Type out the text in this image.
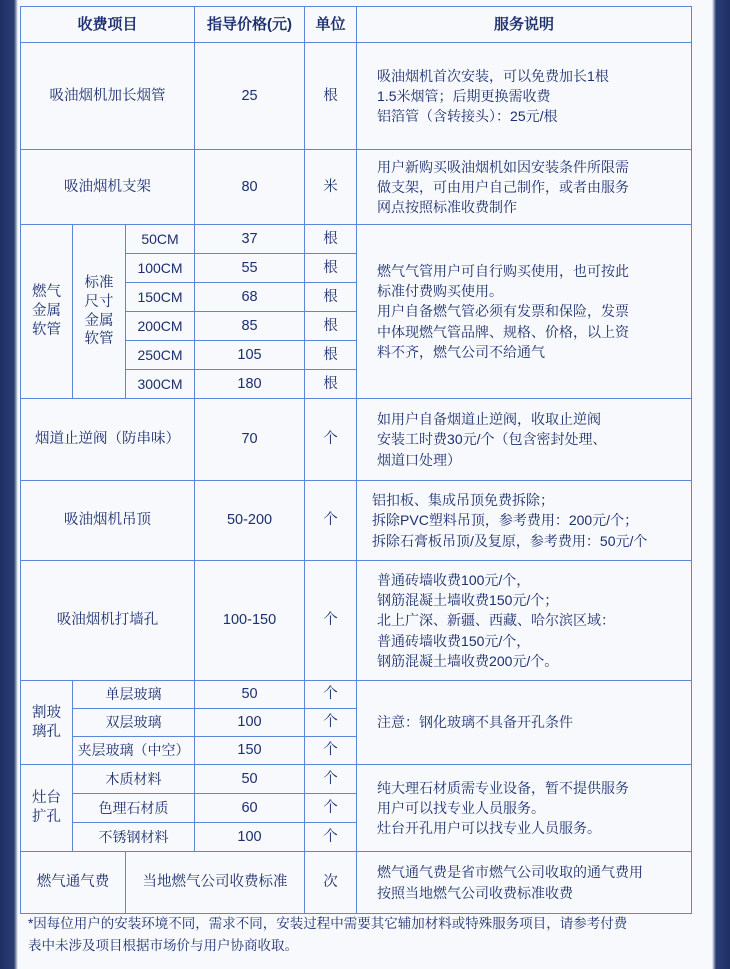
收费项目			指导价格(元)	单位	服务说明
吸油烟机加长烟管			25	根	吸油烟机首次安装，可以免费加长1根
1.5米烟管；后期更换需收费
铝箔管（含转接头）：25元/根

吸油烟机支架			80	米	用户新购买吸油烟机如因安装条件所限需
做支架，可由用户自己制作，或者由服务
网点按照标准收费制作

燃气金属软管	标准尺寸金属软管	50CM	37	根	燃气气管用户可自行购买使用，也可按此
标准付费购买使用。
用户自备燃气管必须有发票和保险，发票
中体现燃气管品牌、规格、价格，以上资
料不齐，燃气公司不给通气

		100CM	55	根	
		150CM	68	根	
		200CM	85	根	
		250CM	105	根	
		300CM	180	根	
烟道止逆阀（防串味）			70	个	如用户自备烟道止逆阀，收取止逆阀
安装工时费30元/个（包含密封处理、
烟道口处理）

吸油烟机吊顶			50-200	个	铝扣板、集成吊顶免费拆除；
拆除PVC塑料吊顶，参考费用：200元/个；
拆除石膏板吊顶/及复原，参考费用：50元/个

吸油烟机打墙孔			100-150	个	普通砖墙收费100元/个，
钢筋混凝土墙收费150元/个；
北上广深、新疆、西藏、哈尔滨区域：
普通砖墙收费150元/个，
钢筋混凝土墙收费200元/个。

割玻璃孔	单层玻璃		50	个	注意：钢化玻璃不具备开孔条件

	双层玻璃		100	个	
	夹层玻璃（中空）		150	个	
灶台扩孔	木质材料		50	个	纯大理石材质需专业设备，暂不提供服务
用户可以找专业人员服务。
灶台开孔用户可以找专业人员服务。

	色理石材质		60	个	
	不锈钢材料		100	个	
燃气通气费		当地燃气公司收费标准		次	燃气通气费是省市燃气公司收取的通气费用
按照当地燃气公司收费标准收费
*因每位用户的安装环境不同，需求不同，安装过程中需要其它辅加材料或特殊服务项目，请参考付费
表中未涉及项目根据市场价与用户协商收取。
